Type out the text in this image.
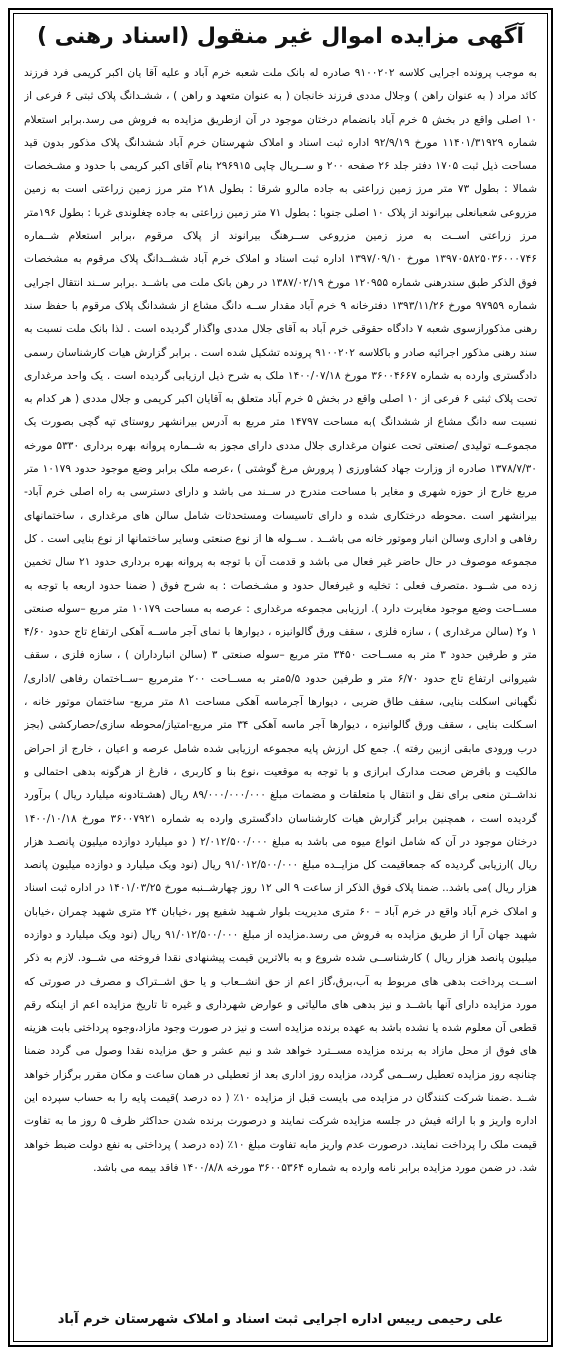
آگهی مزایده اموال غیر منقول (اسناد رهنی )

به موجب پرونده اجرایی کلاسه ۹۱۰۰۲۰۲ صادره له بانک ملت شعبه خرم آباد و علیه آقا یان اکبر کریمی فرد فرزند کائد مراد ( به عنوان راهن ) وجلال مددی فرزند خانجان ( به عنوان متعهد و راهن ) ، ششـدانگ پلاک ثبتی ۶ فرعی از ۱۰ اصلی واقع در بخش ۵ خرم آباد بانضمام درختان موجود در آن ازطریق مزایده به فروش می رسد.برابر استعلام شماره ۱۱۴۰۱/۳۱۹۲۹ مورخ ۹۲/۹/۱۹ اداره ثبت اسناد و املاک شهرستان خرم آباد ششدانگ پلاک مذکور بدون قید مساحت ذیل ثبت ۱۷۰۵ دفتر جلد ۲۶ صفحه ۲۰۰ و ســریال چاپی ۲۹۶۹۱۵ بنام آقای اکبر کریمی با حدود و مشـخصات شمالا : بطول ۷۳ متر مرز زمین زراعتی به جاده مالرو شرقا : بطول ۲۱۸ متر مرز زمین زراعتی است به زمین مزروعی شعبانعلی بیرانوند از پلاک ۱۰ اصلی جنوبا : بطول ۷۱ متر زمین زراعتی به جاده چغلوندی غربا : بطول ۱۹۶متر مرز زراعتی اســت به مرز زمین مزروعی ســرهنگ بیرانوند از پلاک مرقوم ،برابر استعلام شــماره ۱۳۹۷۰۵۸۲۵۰۳۶۰۰۰۷۴۶ مورخ ۱۳۹۷/۰۹/۱۰ اداره ثبت اسناد و املاک خرم آباد ششــدانگ پلاک مرقوم به مشخصات فوق الذکر طبق سندرهنی شماره ۱۲۰۹۵۵ مورخ ۱۳۸۷/۰۲/۱۹ در رهن بانک ملت می باشــد .برابر ســند انتقال اجرایی شماره ۹۷۹۵۹ مورخ ۱۳۹۳/۱۱/۲۶ دفترخانه ۹ خرم آباد مقدار ســه دانگ مشاع از ششدانگ پلاک مرقوم با حفظ سند رهنی مذکورازسوی شعبه ۷ دادگاه حقوقی خرم آباد به آقای جلال مددی واگذار گردیده است . لذا بانک ملت نسبت به سند رهنی مذکور اجرائیه صادر و باکلاسه ۹۱۰۰۲۰۲ پرونده تشکیل شده است . برابر گزارش هیات کارشناسان رسمی دادگستری وارده به شماره ۳۶۰۰۴۶۶۷ مورخ ۱۴۰۰/۰۷/۱۸ ملک به شرح ذیل ارزیابی گردیده است . یک واحد مرغداری تحت پلاک ثبتی ۶ فرعی از ۱۰ اصلی واقع در بخش ۵ خرم آباد متعلق به آقایان اکبر کریمی و جلال مددی ( هر کدام به نسبت سه دانگ مشاع از ششدانگ )به مساحت ۱۴۷۹۷ متر مربع به آدرس بیرانشهر روستای تپه گچی بصورت یک مجموعــه تولیدی /صنعتی تحت عنوان مرغداری جلال مددی دارای مجوز به شــماره پروانه بهره برداری ۵۳۳۰ مورخه ۱۳۷۸/۷/۳۰ صادره از وزارت جهاد کشاورزی ( پرورش مرغ گوشتی ) ،عرصه ملک برابر وضع موجود حدود ۱۰۱۷۹ متر مربع خارج از حوزه شهری و مغایر با مساحت مندرج در ســند می باشد و دارای دسترسی به راه اصلی خرم آباد- بیرانشهر است .محوطه درختکاری شده و دارای تاسیسات ومستحدثات شامل سالن های مرغداری ، ساختمانهای رفاهی و اداری وسالن انبار وموتور خانه می باشــد . ســوله ها از نوع صنعتی وسایر ساختمانها از نوع بنایی است . کل مجموعه موصوف در حال حاضر غیر فعال می باشد و قدمت آن با توجه به پروانه بهره برداری حدود ۲۱ سال تخمین زده می شــود .متصرف فعلی : تخلیه و غیرفعال حدود و مشـخصات : به شرح فوق ( ضمنا حدود اربعه با توجه به مســاحت وضع موجود مغایرت دارد ). ارزیابی مجموعه مرغداری : عرصه به مساحت ۱۰۱۷۹ متر مربع –سوله صنعتی ۱ و۲ (سالن مرغداری ) ، سازه فلزی ، سقف ورق گالوانیزه ، دیوارها با نمای آجر ماســه آهکی ارتفاع تاج حدود ۴/۶۰ متر و طرفین حدود ۳ متر به مســاحت ۳۴۵۰ متر مربع –سوله صنعتی ۳ (سالن انبارداران ) ، سازه فلزی ، سقف شیروانی ارتفاع تاج حدود ۶/۷۰ متر و طرفین حدود ۵/۵متر به مســاحت ۲۰۰ مترمربع –ســاختمان رفاهی /اداری/ نگهبانی اسکلت بنایی، سقف طاق ضربی ، دیوارها آجرماسه آهکی مساحت ۸۱ متر مربع- ساختمان موتور خانه ، اسـکلت بنایی ، سقف ورق گالوانیزه ، دیوارها آجر ماسه آهکی ۳۴ متر مربع-امتیاز/محوطه سازی/حصارکشی (بجز درب ورودی مابقی ازبین رفته ). جمع کل ارزش پایه مجموعه ارزیابی شده شامل عرصه و اعیان ، خارج از احراض مالکیت و بافرض صحت مدارک ابرازی و با توجه به موقعیت ،نوع بنا و کاربری ، فارغ از هرگونه بدهی احتمالی و نداشــتن منعی برای نقل و انتقال با متعلقات و مضمات مبلغ ۸۹/۰۰۰/۰۰۰/۰۰۰ ریال (هشـتادونه میلیارد ریال ) برآورد گردیده است ، همچنین برابر گزارش هیات کارشناسان دادگستری وارده به شماره ۳۶۰۰۷۹۲۱ مورخ ۱۴۰۰/۱۰/۱۸ درختان موجود در آن که شامل انواع میوه می باشد به مبلغ ۲/۰۱۲/۵۰۰/۰۰۰ ( دو میلیارد دوازده میلیون پانصـد هزار ریال )ارزیابی گردیده که جمعاقیمت کل مزایــده مبلغ ۹۱/۰۱۲/۵۰۰/۰۰۰ ریال (نود ویک میلیارد و دوازده میلیون پانصد هزار ریال )می باشد.. ضمنا پلاک فوق الذکر از ساعت ۹ الی ۱۲ روز چهارشــنبه مورخ ۱۴۰۱/۰۳/۲۵ در اداره ثبت اسناد و املاک خرم آباد واقع در خرم آباد – ۶۰ متری مدیریت بلوار شـهید شفیع پور ،خیابان ۲۴ متری شهید چمران ،خیابان شهید جهان آرا از طریق مزایده به فروش می رسد.مزایده از مبلغ ۹۱/۰۱۲/۵۰۰/۰۰۰ ریال (نود ویک میلیارد و دوازده میلیون پانصد هزار ریال ) کارشناســی شده شروع و به بالاترین قیمت پیشنهادی نقدا فروخته می شــود. لازم به ذکر اســت پرداخت بدهی های مربوط به آب،برق،گاز اعم از حق انشــعاب و یا حق اشــتراک و مصرف در صورتی که مورد مزایده دارای آنها باشــد و نیز بدهی های مالیاتی و عوارض شهرداری و غیره تا تاریخ مزایده اعم از اینکه رقم قطعی آن معلوم شده یا نشده باشد به عهده برنده مزایده است و نیز در صورت وجود مازاد،وجوه پرداختی بابت هزینه های فوق از محل مازاد به برنده مزایده مســترد خواهد شد و نیم عشر و حق مزایده نقدا وصول می گردد ضمنا چنانچه روز مزایده تعطیل رســمی گردد، مزایده روز اداری بعد از تعطیلی در همان ساعت و مکان مقرر برگزار خواهد شــد .ضمنا شرکت کنندگان در مزایده می بایست قبل از مزایده ۱۰٪ ( ده درصد )قیمت پایه را به حساب سپرده این اداره واریز و با ارائه فیش در جلسه مزایده شرکت نمایند و درصورت برنده شدن حداکثر ظرف ۵ روز ما به تفاوت قیمت ملک را پرداخت نمایند. درصورت عدم واریز مابه تفاوت مبلغ ۱۰٪ (ده درصد ) پرداختی به نفع دولت ضبط خواهد شد. در ضمن مورد مزایده برابر نامه وارده به شماره ۳۶۰۰۵۳۶۴ مورخه ۱۴۰۰/۸/۸ فاقد بیمه می باشد.

علی رحیمی رییس اداره اجرایی ثبت اسناد و املاک شهرستان خرم آباد
